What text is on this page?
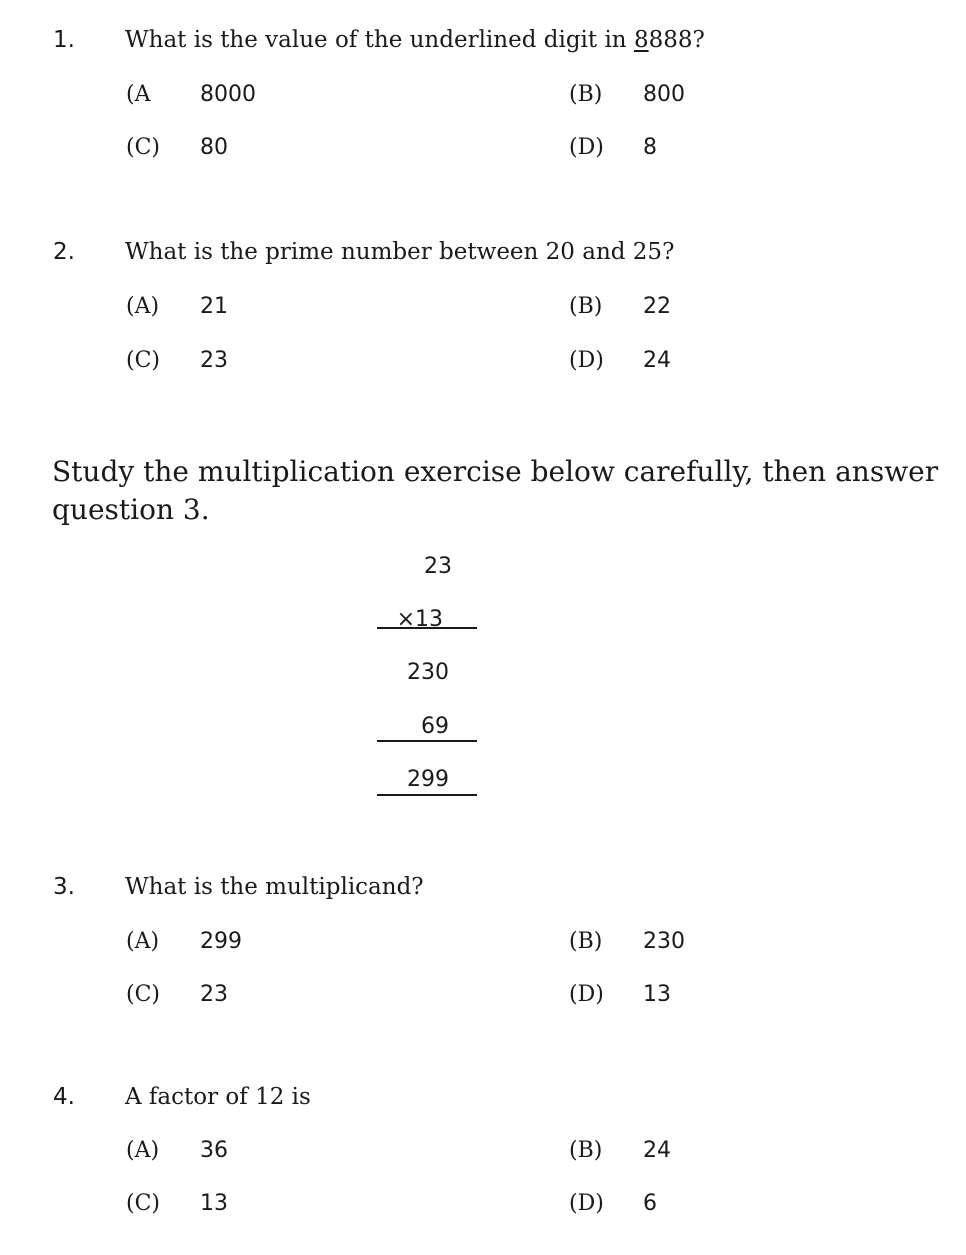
1. What is the value of the underlined digit in 8888?
(A 8000	(B) 800
(C) 80	(D) 8
2. What is the prime number between 20 and 25?
(A) 21	(B) 22
(C) 23	(D) 24
Study the multiplication exercise below carefully, then answer question 3.
23
×13
230
69
299
3. What is the multiplicand?
(A) 299	(B) 230
(C) 23	(D) 13
4. A factor of 12 is
(A) 36	(B) 24
(C) 13	(D) 6
